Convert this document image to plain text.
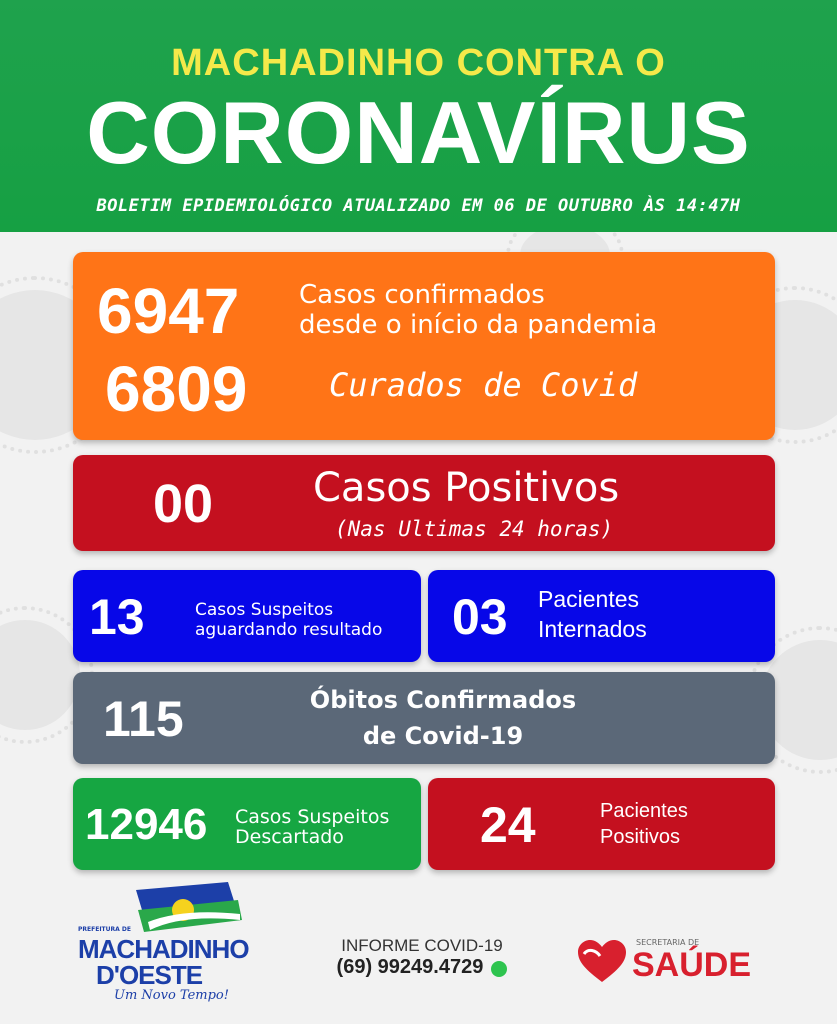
MACHADINHO CONTRA O
CORONAVÍRUS
BOLETIM EPIDEMIOLÓGICO ATUALIZADO EM 06 DE OUTUBRO ÀS 14:47H
6947 Casos confirmados
desde o início da pandemia
6809	Curados de Covid
00 Casos Positivos
(Nas Ultimas 24 horas)
13	Casos Suspeitos
aguardando resultado 03 Pacientes
Internados
115	Óbitos Confirmados
de Covid-19
12946 Casos Suspeitos
Descartado	24	Pacientes
Positivos
PREFEITURA DE
MACHADINHO
D'OESTE
Um Novo Tempo!
INFORME COVID-19
(69) 99249.4729
SECRETARIA DE
SAÚDE
